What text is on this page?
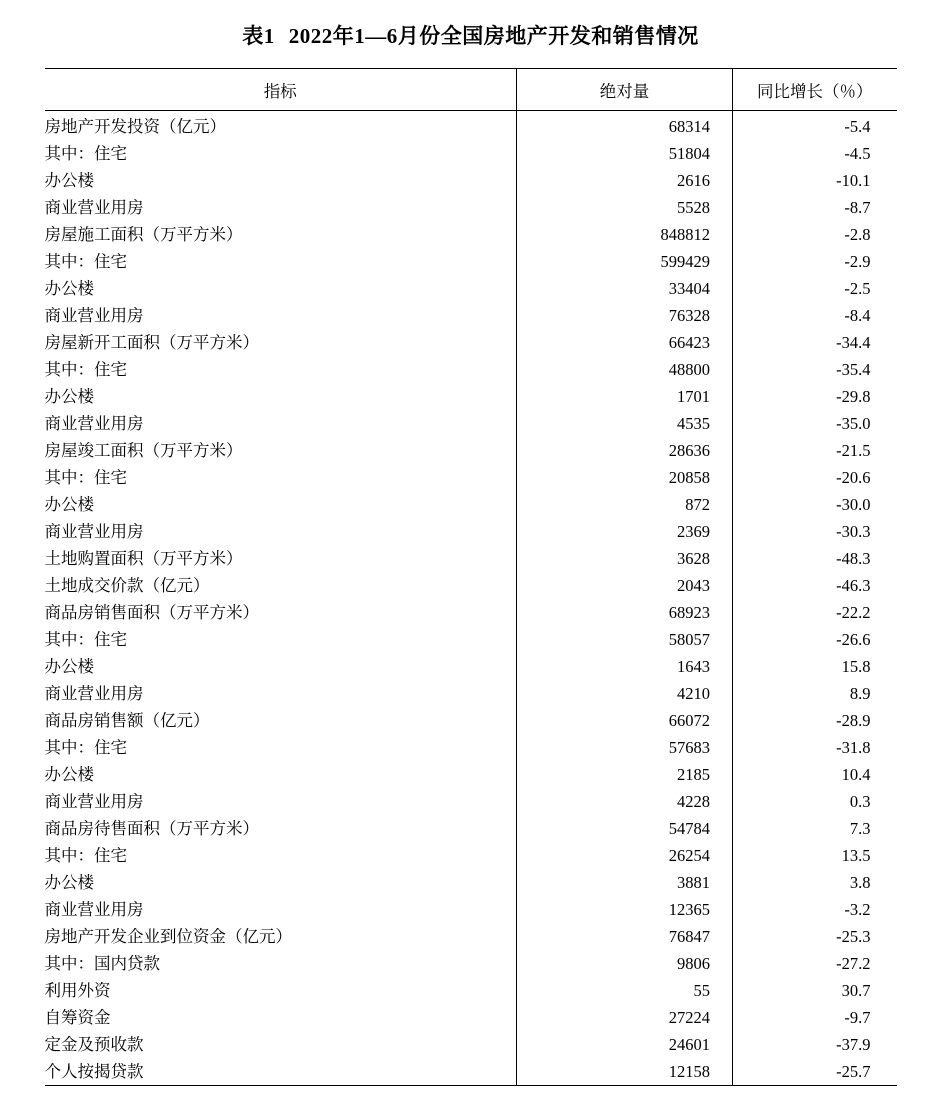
表1 2022年1—6月份全国房地产开发和销售情况
指标	绝对量	同比增长（％）
房地产开发投资（亿元）	68314	-5.4
其中：住宅	51804	-4.5
办公楼	2616	-10.1
商业营业用房	5528	-8.7
房屋施工面积（万平方米）	848812	-2.8
其中：住宅	599429	-2.9
办公楼	33404	-2.5
商业营业用房	76328	-8.4
房屋新开工面积（万平方米）	66423	-34.4
其中：住宅	48800	-35.4
办公楼	1701	-29.8
商业营业用房	4535	-35.0
房屋竣工面积（万平方米）	28636	-21.5
其中：住宅	20858	-20.6
办公楼	872	-30.0
商业营业用房	2369	-30.3
土地购置面积（万平方米）	3628	-48.3
土地成交价款（亿元）	2043	-46.3
商品房销售面积（万平方米）	68923	-22.2
其中：住宅	58057	-26.6
办公楼	1643	15.8
商业营业用房	4210	8.9
商品房销售额（亿元）	66072	-28.9
其中：住宅	57683	-31.8
办公楼	2185	10.4
商业营业用房	4228	0.3
商品房待售面积（万平方米）	54784	7.3
其中：住宅	26254	13.5
办公楼	3881	3.8
商业营业用房	12365	-3.2
房地产开发企业到位资金（亿元）	76847	-25.3
其中：国内贷款	9806	-27.2
利用外资	55	30.7
自筹资金	27224	-9.7
定金及预收款	24601	-37.9
个人按揭贷款	12158	-25.7
